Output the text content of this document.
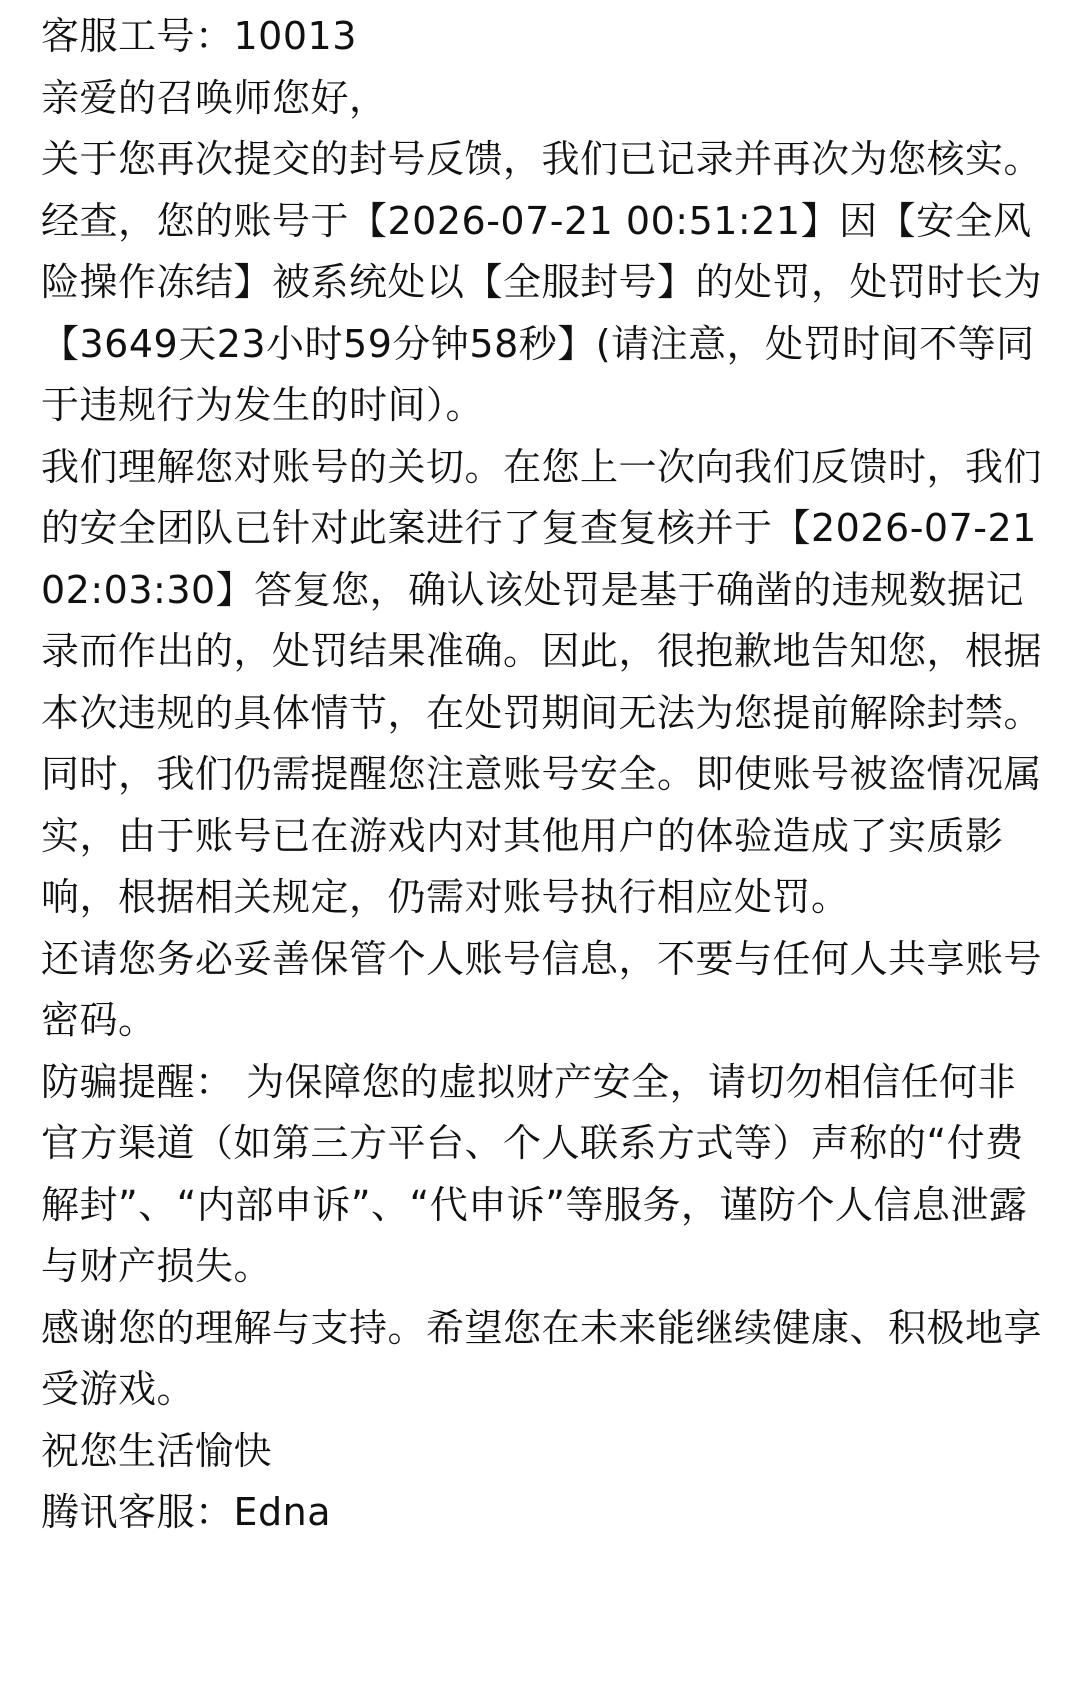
客服工号：10013

亲爱的召唤师您好，

关于您再次提交的封号反馈，我们已记录并再次为您核实。

经查，您的账号于【2026-07-21 00:51:21】因【安全风险操作冻结】被系统处以【全服封号】的处罚，处罚时长为【3649天23小时59分钟58秒】(请注意，处罚时间不等同于违规行为发生的时间）。

我们理解您对账号的关切。在您上一次向我们反馈时，我们的安全团队已针对此案进行了复查复核并于【2026-07-21 02:03:30】答复您，确认该处罚是基于确凿的违规数据记录而作出的，处罚结果准确。因此，很抱歉地告知您，根据本次违规的具体情节，在处罚期间无法为您提前解除封禁。

同时，我们仍需提醒您注意账号安全。即使账号被盗情况属实，由于账号已在游戏内对其他用户的体验造成了实质影响，根据相关规定，仍需对账号执行相应处罚。

还请您务必妥善保管个人账号信息，不要与任何人共享账号密码。

防骗提醒： 为保障您的虚拟财产安全，请切勿相信任何非官方渠道（如第三方平台、个人联系方式等）声称的“付费解封”、“内部申诉”、“代申诉”等服务，谨防个人信息泄露与财产损失。

感谢您的理解与支持。希望您在未来能继续健康、积极地享受游戏。

祝您生活愉快

腾讯客服：Edna
